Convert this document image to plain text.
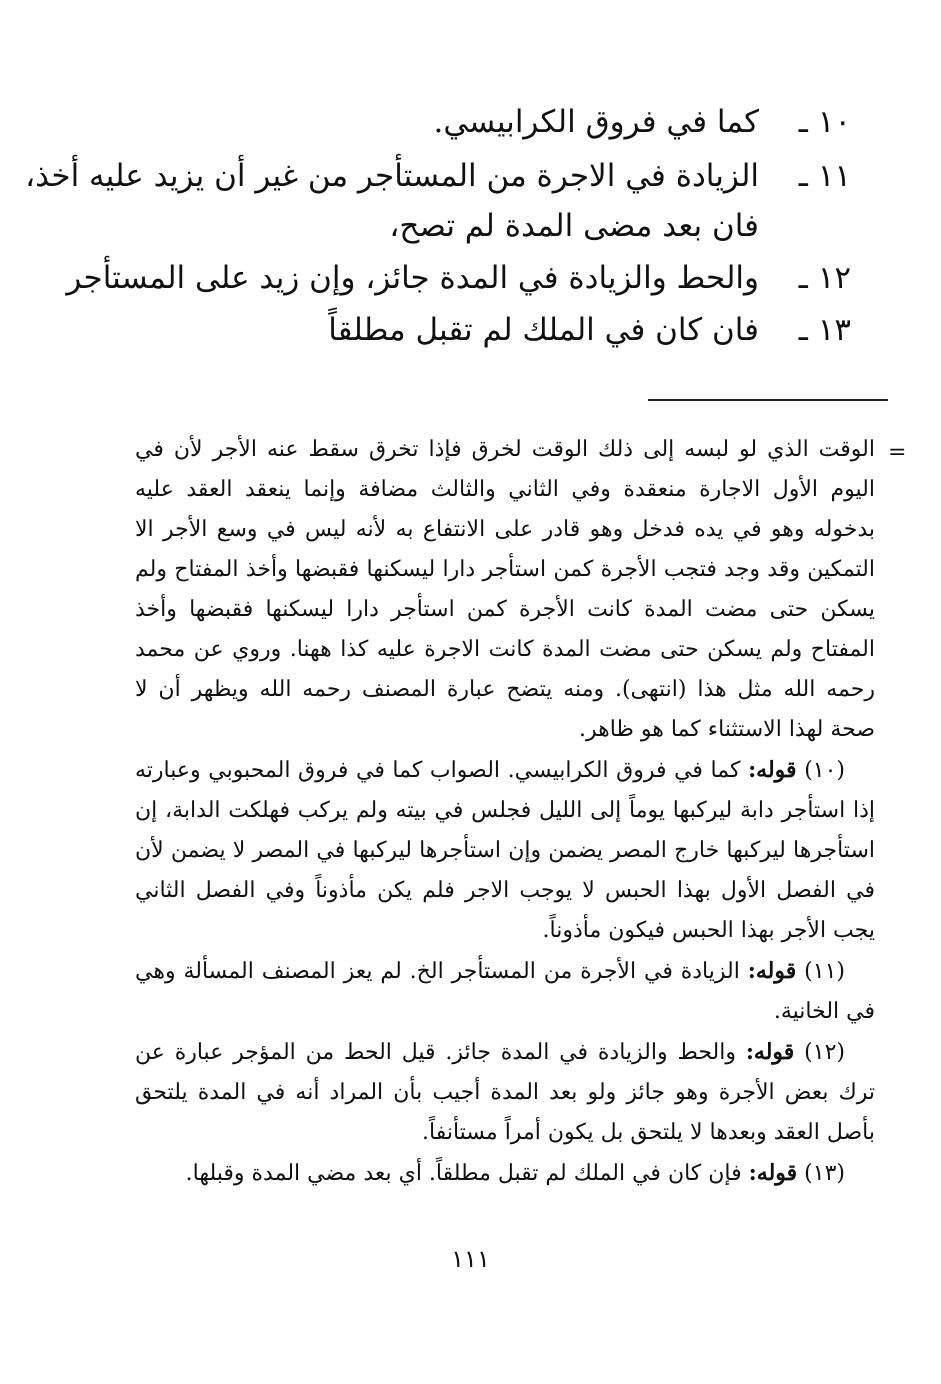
١٠ ـكما في فروق الكرابيسي.
١١ ـالزيادة في الاجرة من المستأجر من غير أن يزيد عليه أخذ،
فان بعد مضى المدة لم تصح،
١٢ ـوالحط والزيادة في المدة جائز، وإن زيد على المستأجر
١٣ ـفان كان في الملك لم تقبل مطلقاً
=

الوقت الذي لو لبسه إلى ذلك الوقت لخرق فإذا تخرق سقط عنه الأجر لأن في اليوم الأول الاجارة منعقدة وفي الثاني والثالث مضافة وإنما ينعقد العقد عليه بدخوله وهو في يده فدخل وهو قادر على الانتفاع به لأنه ليس في وسع الأجر الا التمكين وقد وجد فتجب الأجرة كمن استأجر دارا ليسكنها فقبضها وأخذ المفتاح ولم يسكن حتى مضت المدة كانت الأجرة كمن استأجر دارا ليسكنها فقبضها وأخذ المفتاح ولم يسكن حتى مضت المدة كانت الاجرة عليه كذا ههنا. وروي عن محمد رحمه الله مثل هذا (انتهى). ومنه يتضح عبارة المصنف رحمه الله ويظهر أن لا صحة لهذا الاستثناء كما هو ظاهر.

(١٠) قوله: كما في فروق الكرابيسي. الصواب كما في فروق المحبوبي وعبارته إذا استأجر دابة ليركبها يوماً إلى الليل فجلس في بيته ولم يركب فهلكت الدابة، إن استأجرها ليركبها خارج المصر يضمن وإن استأجرها ليركبها في المصر لا يضمن لأن في الفصل الأول بهذا الحبس لا يوجب الاجر فلم يكن مأذوناً وفي الفصل الثاني يجب الأجر بهذا الحبس فيكون مأذوناً.

(١١) قوله: الزيادة في الأجرة من المستأجر الخ. لم يعز المصنف المسألة وهي في الخانية.

(١٢) قوله: والحط والزيادة في المدة جائز. قيل الحط من المؤجر عبارة عن ترك بعض الأجرة وهو جائز ولو بعد المدة أجيب بأن المراد أنه في المدة يلتحق بأصل العقد وبعدها لا يلتحق بل يكون أمراً مستأنفاً.

(١٣) قوله: فإن كان في الملك لم تقبل مطلقاً. أي بعد مضي المدة وقبلها.

١١١
